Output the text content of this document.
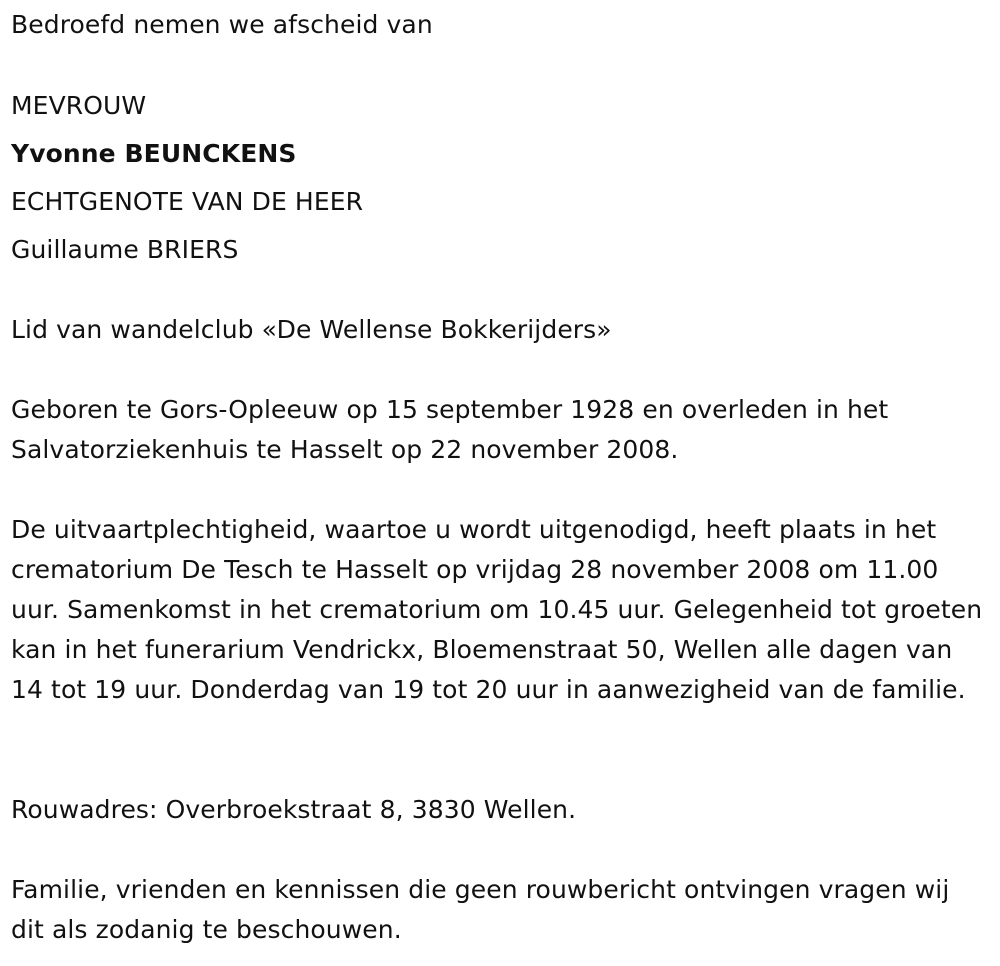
Bedroefd nemen we afscheid van

MEVROUW

Yvonne BEUNCKENS

ECHTGENOTE VAN DE HEER

Guillaume BRIERS

Lid van wandelclub «De Wellense Bokkerijders»

Geboren te Gors-Opleeuw op 15 september 1928 en overleden in het Salvatorziekenhuis te Hasselt op 22 november 2008.

De uitvaartplechtigheid, waartoe u wordt uitgenodigd, heeft plaats in het crematorium De Tesch te Hasselt op vrijdag 28 november 2008 om 11.00 uur. Samenkomst in het crematorium om 10.45 uur. Gelegenheid tot groeten kan in het funerarium Vendrickx, Bloemenstraat 50, Wellen alle dagen van 14 tot 19 uur. Donderdag van 19 tot 20 uur in aanwezigheid van de familie.

Rouwadres: Overbroekstraat 8, 3830 Wellen.

Familie, vrienden en kennissen die geen rouwbericht ontvingen vragen wij dit als zodanig te beschouwen.
